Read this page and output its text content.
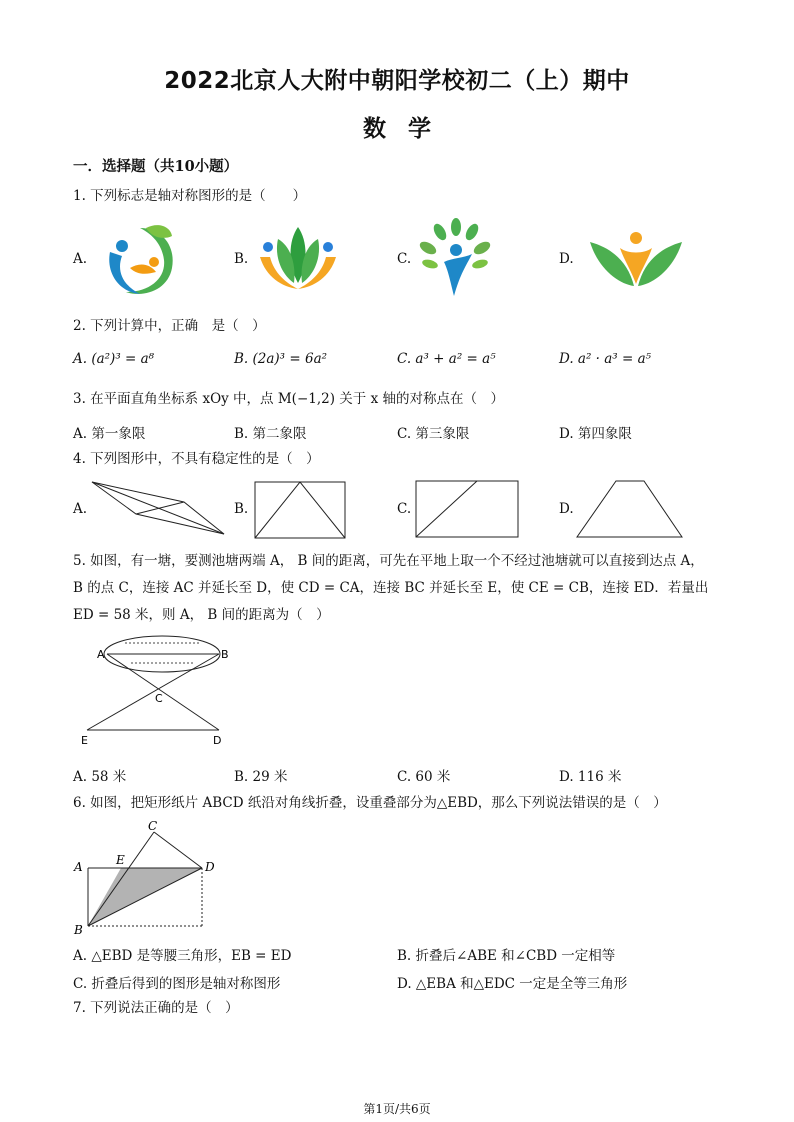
2022北京人大附中朝阳学校初二（上）期中
数学
一．选择题（共10小题）
1. 下列标志是轴对称图形的是（　　）
A.	B.	C.	D.
2. 下列计算中，正确　是（　）
A. (a²)³ = a⁸	B. (2a)³ = 6a²	C. a³ + a² = a⁵	D. a² · a³ = a⁵
3. 在平面直角坐标系 xOy 中，点 M(−1,2) 关于 x 轴的对称点在（　）
A. 第一象限	B. 第二象限	C. 第三象限	D. 第四象限
4. 下列图形中，不具有稳定性的是（　）
A.	B.	C.	D.
5. 如图，有一塘，要测池塘两端 A， B 间的距离，可先在平地上取一个不经过池塘就可以直接到达点 A，
B 的点 C，连接 AC 并延长至 D，使 CD = CA，连接 BC 并延长至 E，使 CE = CB，连接 ED．若量出
ED = 58 米，则 A， B 间的距离为（　）
A	B
C
E	D
A. 58 米	B. 29 米	C. 60 米	D. 116 米
6. 如图，把矩形纸片 ABCD 纸沿对角线折叠，设重叠部分为△EBD，那么下列说法错误的是（　）
C
A	E	D
B
A. △EBD 是等腰三角形，EB = ED	B. 折叠后∠ABE 和∠CBD 一定相等
C. 折叠后得到的图形是轴对称图形	D. △EBA 和△EDC 一定是全等三角形
7. 下列说法正确的是（　）
第1页/共6页
